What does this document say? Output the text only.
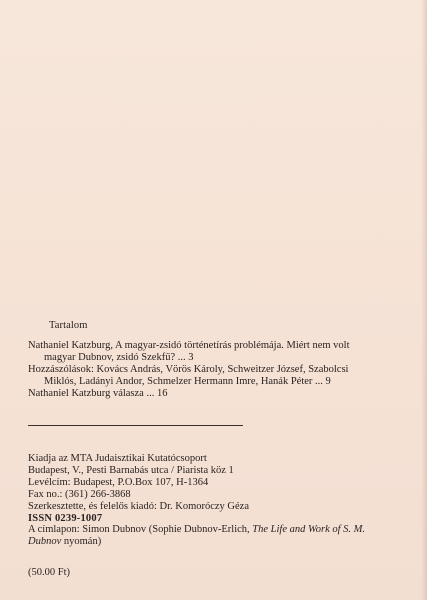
Tartalom

Nathaniel Katzburg, A magyar-zsidó történetírás problémája. Miért nem volt
magyar Dubnov, zsidó Szekfű? ... 3

Hozzászólások: Kovács András, Vörös Károly, Schweitzer József, Szabolcsi
Miklós, Ladányi Andor, Schmelzer Hermann Imre, Hanák Péter ... 9

Nathaniel Katzburg válasza ... 16

Kiadja az MTA Judaisztikai Kutatócsoport

Budapest, V., Pesti Barnabás utca / Piarista köz 1

Levélcím: Budapest, P.O.Box 107, H-1364

Fax no.: (361) 266-3868

Szerkesztette, és felelős kiadó: Dr. Komoróczy Géza

ISSN 0239-1007

A címlapon: Simon Dubnov (Sophie Dubnov-Erlich, The Life and Work of S. M.
Dubnov nyomán)

(50.00 Ft)
